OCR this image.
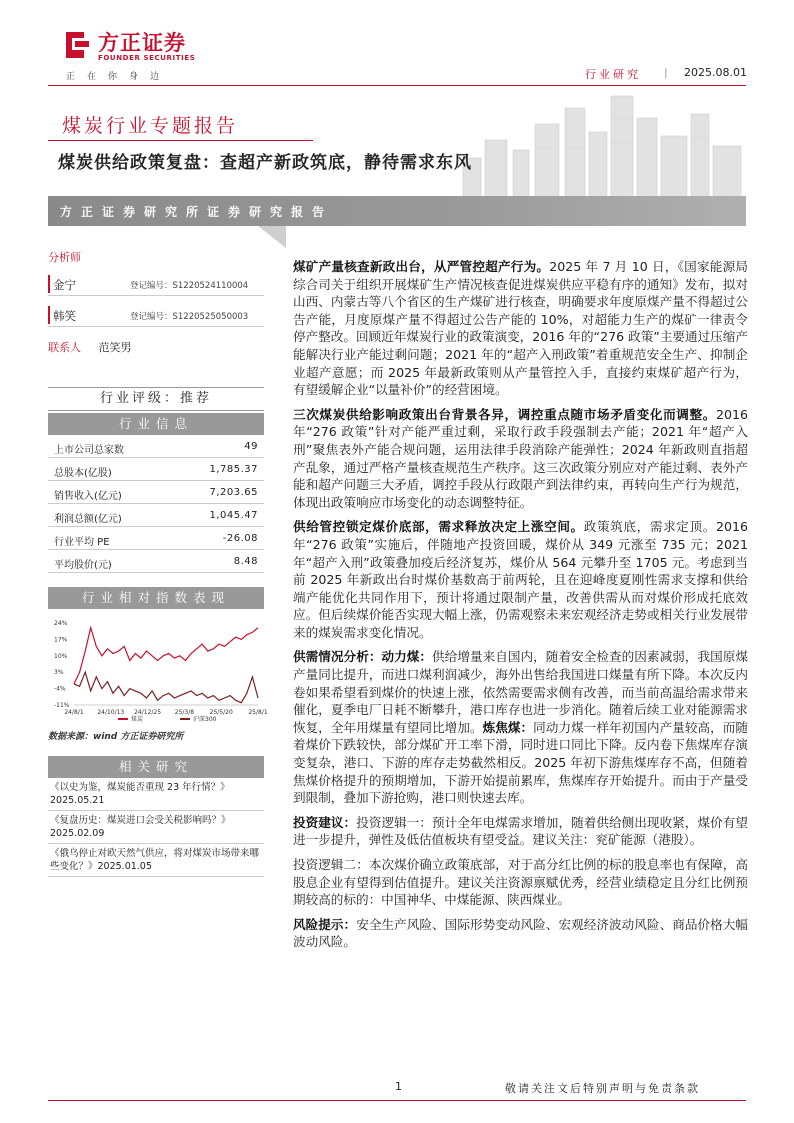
方正证券
FOUNDER SECURITIES
正在你身边	行业研究 | 2025.08.01
煤炭行业专题报告
煤炭供给政策复盘：查超产新政筑底，静待需求东风
方正证券研究所证券研究报告
分析师
金宁	登记编号：S1220524110004
韩笑	登记编号：S1220525050003
联系人 范笑男
行业评级：推荐
行业信息
上市公司总家数	49
总股本(亿股)	1,785.37
销售收入(亿元)	7,203.65
利润总额(亿元)	1,045.47
行业平均 PE	-26.08
平均股价(元)	8.48
行业相对指数表现
24%
17%
10%
3%
-4%
-11%
24/8/1 24/10/13 24/12/25 25/3/8	25/5/20	25/8/1
煤炭	沪深300
数据来源：wind 方正证券研究所
相关研究
《以史为鉴，煤炭能否重现 23 年行情？》2025.05.21
《复盘历史：煤炭进口会受关税影响吗？》2025.02.09
《俄乌停止对欧天然气供应，将对煤炭市场带来哪些变化？》2025.01.05

煤矿产量核查新政出台，从严管控超产行为。2025 年 7 月 10 日，《国家能源局综合司关于组织开展煤矿生产情况核查促进煤炭供应平稳有序的通知》发布，拟对山西、内蒙古等八个省区的生产煤矿进行核查，明确要求年度原煤产量不得超过公告产能，月度原煤产量不得超过公告产能的 10%，对超能力生产的煤矿一律责令停产整改。回顾近年煤炭行业的政策演变，2016 年的“276 政策”主要通过压缩产能解决行业产能过剩问题；2021 年的“超产入刑政策”着重规范安全生产、抑制企业超产意愿；而 2025 年最新政策则从产量管控入手，直接约束煤矿超产行为，有望缓解企业“以量补价”的经营困境。

三次煤炭供给影响政策出台背景各异，调控重点随市场矛盾变化而调整。2016 年“276 政策”针对产能严重过剩，采取行政手段强制去产能；2021 年“超产入刑”聚焦表外产能合规问题，运用法律手段消除产能弹性；2024 年新政则直指超产乱象，通过严格产量核查规范生产秩序。这三次政策分别应对产能过剩、表外产能和超产问题三大矛盾，调控手段从行政限产到法律约束，再转向生产行为规范，体现出政策响应市场变化的动态调整特征。

供给管控锁定煤价底部，需求释放决定上涨空间。政策筑底，需求定顶。2016 年“276 政策”实施后，伴随地产投资回暖，煤价从 349 元涨至 735 元；2021 年“超产入刑”政策叠加疫后经济复苏，煤价从 564 元攀升至 1705 元。考虑到当前 2025 年新政出台时煤价基数高于前两轮，且在迎峰度夏刚性需求支撑和供给端产能优化共同作用下，预计将通过限制产量，改善供需从而对煤价形成托底效应。但后续煤价能否实现大幅上涨，仍需观察未来宏观经济走势或相关行业发展带来的煤炭需求变化情况。

供需情况分析：动力煤：供给增量来自国内，随着安全检查的因素减弱，我国原煤产量同比提升，而进口煤利润减少，海外出售给我国进口煤量有所下降。本次反内卷如果希望看到煤价的快速上涨，依然需要需求侧有改善，而当前高温给需求带来催化，夏季电厂日耗不断攀升，港口库存也进一步消化。随着后续工业对能源需求恢复，全年用煤量有望同比增加。炼焦煤：同动力煤一样年初国内产量较高，而随着煤价下跌较快，部分煤矿开工率下滑，同时进口同比下降。反内卷下焦煤库存演变复杂，港口、下游的库存走势截然相反。2025 年初下游焦煤库存不高，但随着焦煤价格提升的预期增加，下游开始提前累库，焦煤库存开始提升。而由于产量受到限制，叠加下游抢购，港口则快速去库。

投资建议：投资逻辑一：预计全年电煤需求增加，随着供给侧出现收紧，煤价有望进一步提升，弹性及低估值板块有望受益。建议关注：兖矿能源（港股）。

投资逻辑二：本次煤价确立政策底部，对于高分红比例的标的股息率也有保障，高股息企业有望得到估值提升。建议关注资源禀赋优秀，经营业绩稳定且分红比例预期较高的标的：中国神华、中煤能源、陕西煤业。

风险提示：安全生产风险、国际形势变动风险、宏观经济波动风险、商品价格大幅波动风险。

1	敬请关注文后特别声明与免责条款
